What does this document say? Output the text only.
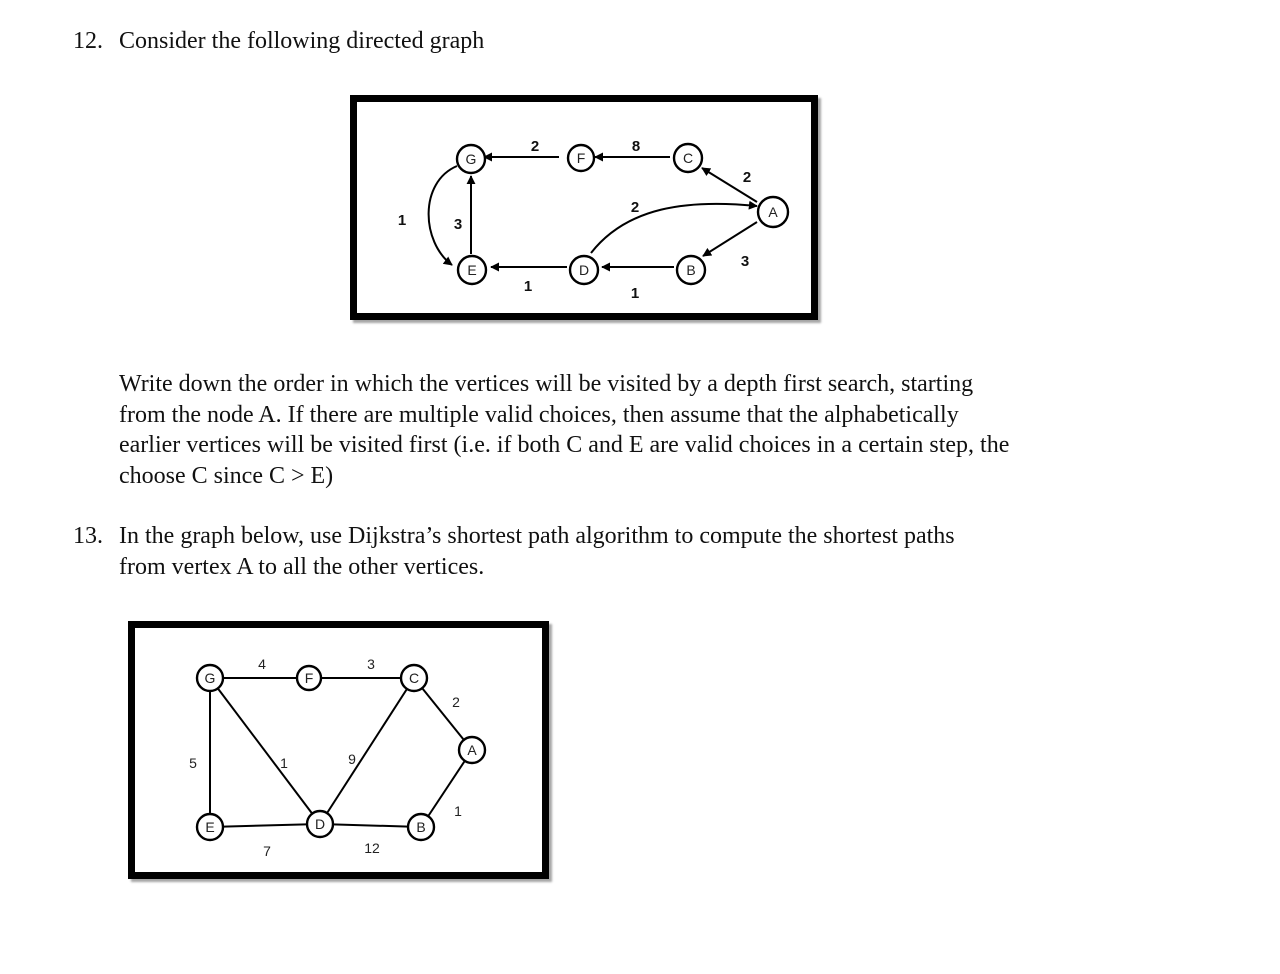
12. Consider the following directed graph
G	F	C
A
E	D	B
2	8
2
2
1	3
1	1
3
Write down the order in which the vertices will be visited by a depth first search, starting
from the node A. If there are multiple valid choices, then assume that the alphabetically
earlier vertices will be visited first (i.e. if both C and E are valid choices in a certain step, the
choose C since C > E)
13. In the graph below, use Dijkstra’s shortest path algorithm to compute the shortest paths
from vertex A to all the other vertices.
G	F	C
A
E	D	B
4	3
2
5	1	9
1
7	12
